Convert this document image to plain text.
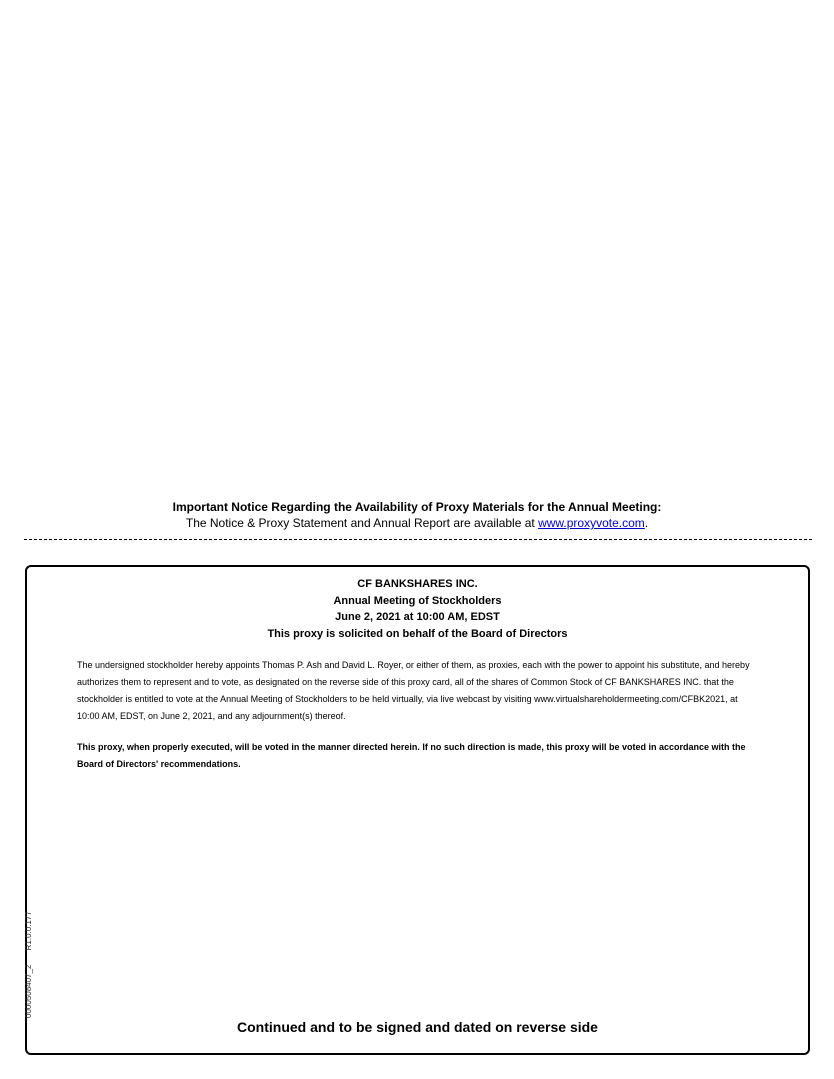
Important Notice Regarding the Availability of Proxy Materials for the Annual Meeting:
The Notice & Proxy Statement and Annual Report are available at www.proxyvote.com.
CF BANKSHARES INC.
Annual Meeting of Stockholders
June 2, 2021 at 10:00 AM, EDST
This proxy is solicited on behalf of the Board of Directors

The undersigned stockholder hereby appoints Thomas P. Ash and David L. Royer, or either of them, as proxies, each with the power to appoint his substitute, and hereby authorizes them to represent and to vote, as designated on the reverse side of this proxy card, all of the shares of Common Stock of CF BANKSHARES INC. that the stockholder is entitled to vote at the Annual Meeting of Stockholders to be held virtually, via live webcast by visiting www.virtualshareholdermeeting.com/CFBK2021, at 10:00 AM, EDST, on June 2, 2021, and any adjournment(s) thereof.

This proxy, when properly executed, will be voted in the manner directed herein. If no such direction is made, this proxy will be voted in accordance with the Board of Directors' recommendations.

Continued and to be signed and dated on reverse side
0000508407_2 R1.0.0.177
